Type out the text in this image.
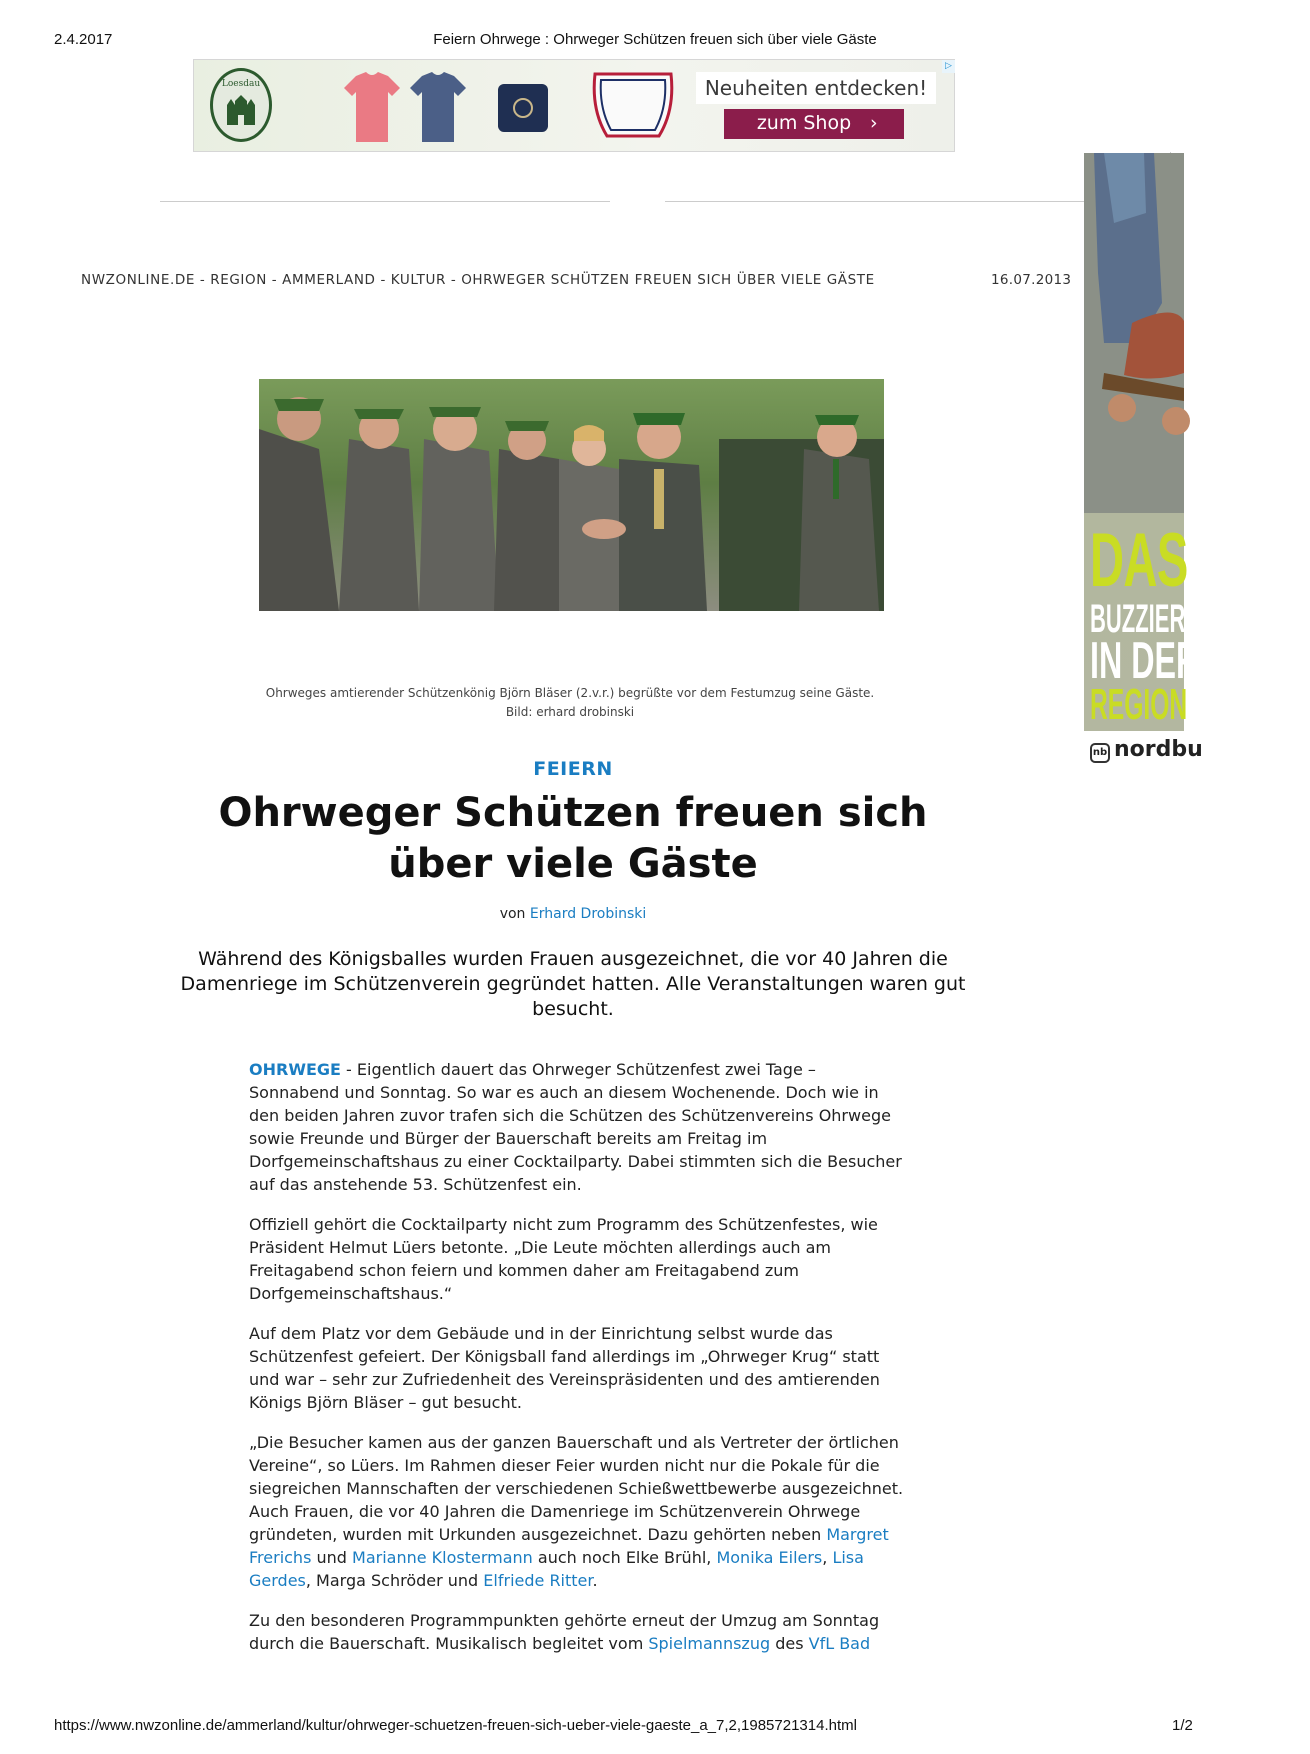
2.4.2017	Feiern Ohrwege : Ohrweger Schützen freuen sich über viele Gäste
Loesdau	Neuheiten entdecken!
zum Shop ›
▷
DAS
BUZZIER
IN DER
REGION
nb nordbu
NWZONLINE.DE - REGION - AMMERLAND - KULTUR - OHRWEGER SCHÜTZEN FREUEN SICH ÜBER VIELE GÄSTE	16.07.2013
Ohrweges amtierender Schützenkönig Björn Bläser (2.v.r.) begrüßte vor dem Festumzug seine Gäste.
Bild: erhard drobinski
FEIERN
Ohrweger Schützen freuen sich über viele Gäste
von Erhard Drobinski
Während des Königsballes wurden Frauen ausgezeichnet, die vor 40 Jahren die Damenriege im Schützenverein gegründet hatten. Alle Veranstaltungen waren gut besucht.

OHRWEGE - Eigentlich dauert das Ohrweger Schützenfest zwei Tage – Sonnabend und Sonntag. So war es auch an diesem Wochenende. Doch wie in den beiden Jahren zuvor trafen sich die Schützen des Schützenvereins Ohrwege sowie Freunde und Bürger der Bauerschaft bereits am Freitag im Dorfgemeinschaftshaus zu einer Cocktailparty. Dabei stimmten sich die Besucher auf das anstehende 53. Schützenfest ein.

Offiziell gehört die Cocktailparty nicht zum Programm des Schützenfestes, wie Präsident Helmut Lüers betonte. „Die Leute möchten allerdings auch am Freitagabend schon feiern und kommen daher am Freitagabend zum Dorfgemeinschaftshaus.“

Auf dem Platz vor dem Gebäude und in der Einrichtung selbst wurde das Schützenfest gefeiert. Der Königsball fand allerdings im „Ohrweger Krug“ statt und war – sehr zur Zufriedenheit des Vereinspräsidenten und des amtierenden Königs Björn Bläser – gut besucht.

„Die Besucher kamen aus der ganzen Bauerschaft und als Vertreter der örtlichen Vereine“, so Lüers. Im Rahmen dieser Feier wurden nicht nur die Pokale für die siegreichen Mannschaften der verschiedenen Schießwettbewerbe ausgezeichnet. Auch Frauen, die vor 40 Jahren die Damenriege im Schützenverein Ohrwege gründeten, wurden mit Urkunden ausgezeichnet. Dazu gehörten neben Margret Frerichs und Marianne Klostermann auch noch Elke Brühl, Monika Eilers, Lisa Gerdes, Marga Schröder und Elfriede Ritter.

Zu den besonderen Programmpunkten gehörte erneut der Umzug am Sonntag durch die Bauerschaft. Musikalisch begleitet vom Spielmannszug des VfL Bad

https://www.nwzonline.de/ammerland/kultur/ohrweger-schuetzen-freuen-sich-ueber-viele-gaeste_a_7,2,1985721314.html	1/2
